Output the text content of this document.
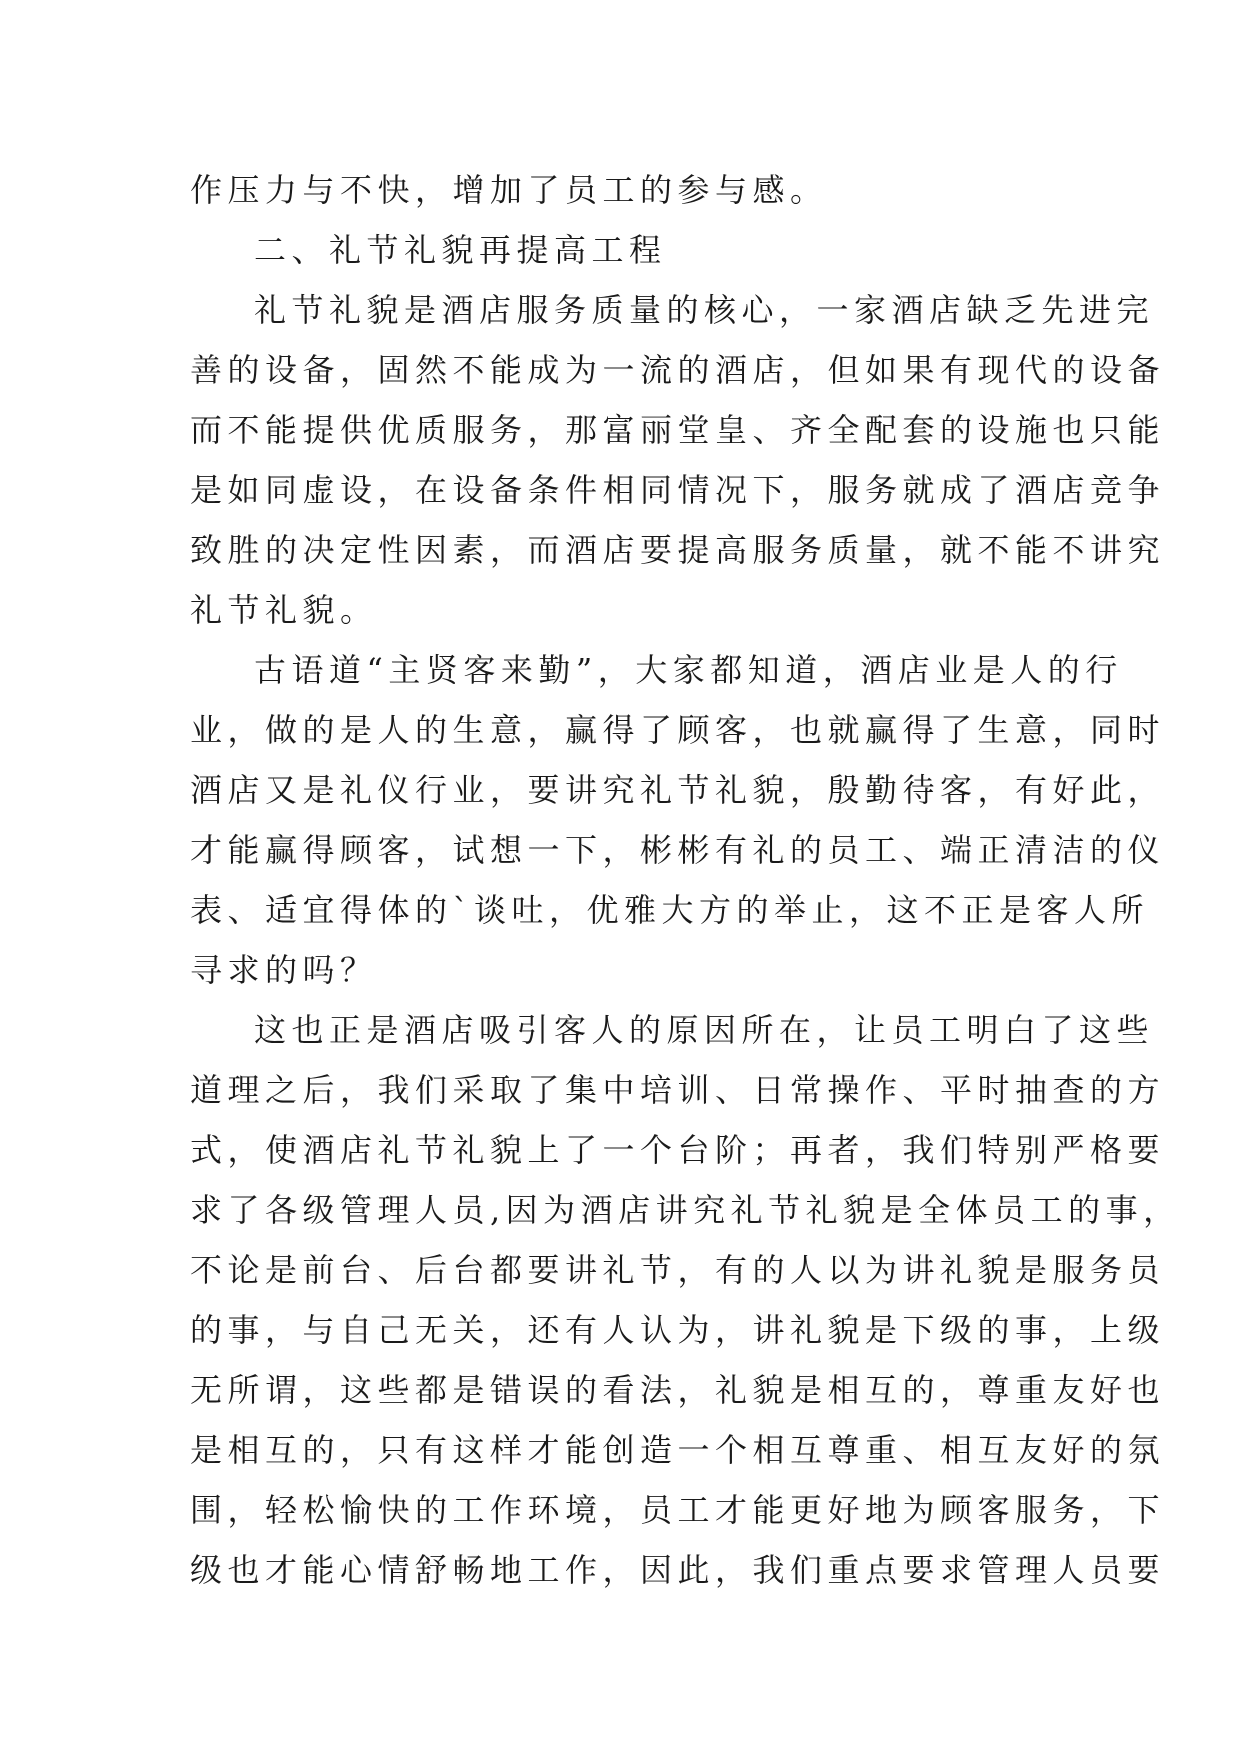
作压力与不快，增加了员工的参与感。
二、礼节礼貌再提高工程
礼节礼貌是酒店服务质量的核心，一家酒店缺乏先进完
善的设备，固然不能成为一流的酒店，但如果有现代的设备
而不能提供优质服务，那富丽堂皇、齐全配套的设施也只能
是如同虚设，在设备条件相同情况下，服务就成了酒店竞争
致胜的决定性因素，而酒店要提高服务质量，就不能不讲究
礼节礼貌。
古语道“主贤客来勤”，大家都知道，酒店业是人的行
业，做的是人的生意，赢得了顾客，也就赢得了生意，同时
酒店又是礼仪行业，要讲究礼节礼貌，殷勤待客，有好此，
才能赢得顾客，试想一下，彬彬有礼的员工、端正清洁的仪
表、适宜得体的`谈吐，优雅大方的举止，这不正是客人所
寻求的吗？
这也正是酒店吸引客人的原因所在，让员工明白了这些
道理之后，我们采取了集中培训、日常操作、平时抽查的方
式，使酒店礼节礼貌上了一个台阶；再者，我们特别严格要
求了各级管理人员,因为酒店讲究礼节礼貌是全体员工的事，
不论是前台、后台都要讲礼节，有的人以为讲礼貌是服务员
的事，与自己无关，还有人认为，讲礼貌是下级的事，上级
无所谓，这些都是错误的看法，礼貌是相互的，尊重友好也
是相互的，只有这样才能创造一个相互尊重、相互友好的氛
围，轻松愉快的工作环境，员工才能更好地为顾客服务，下
级也才能心情舒畅地工作，因此，我们重点要求管理人员要
